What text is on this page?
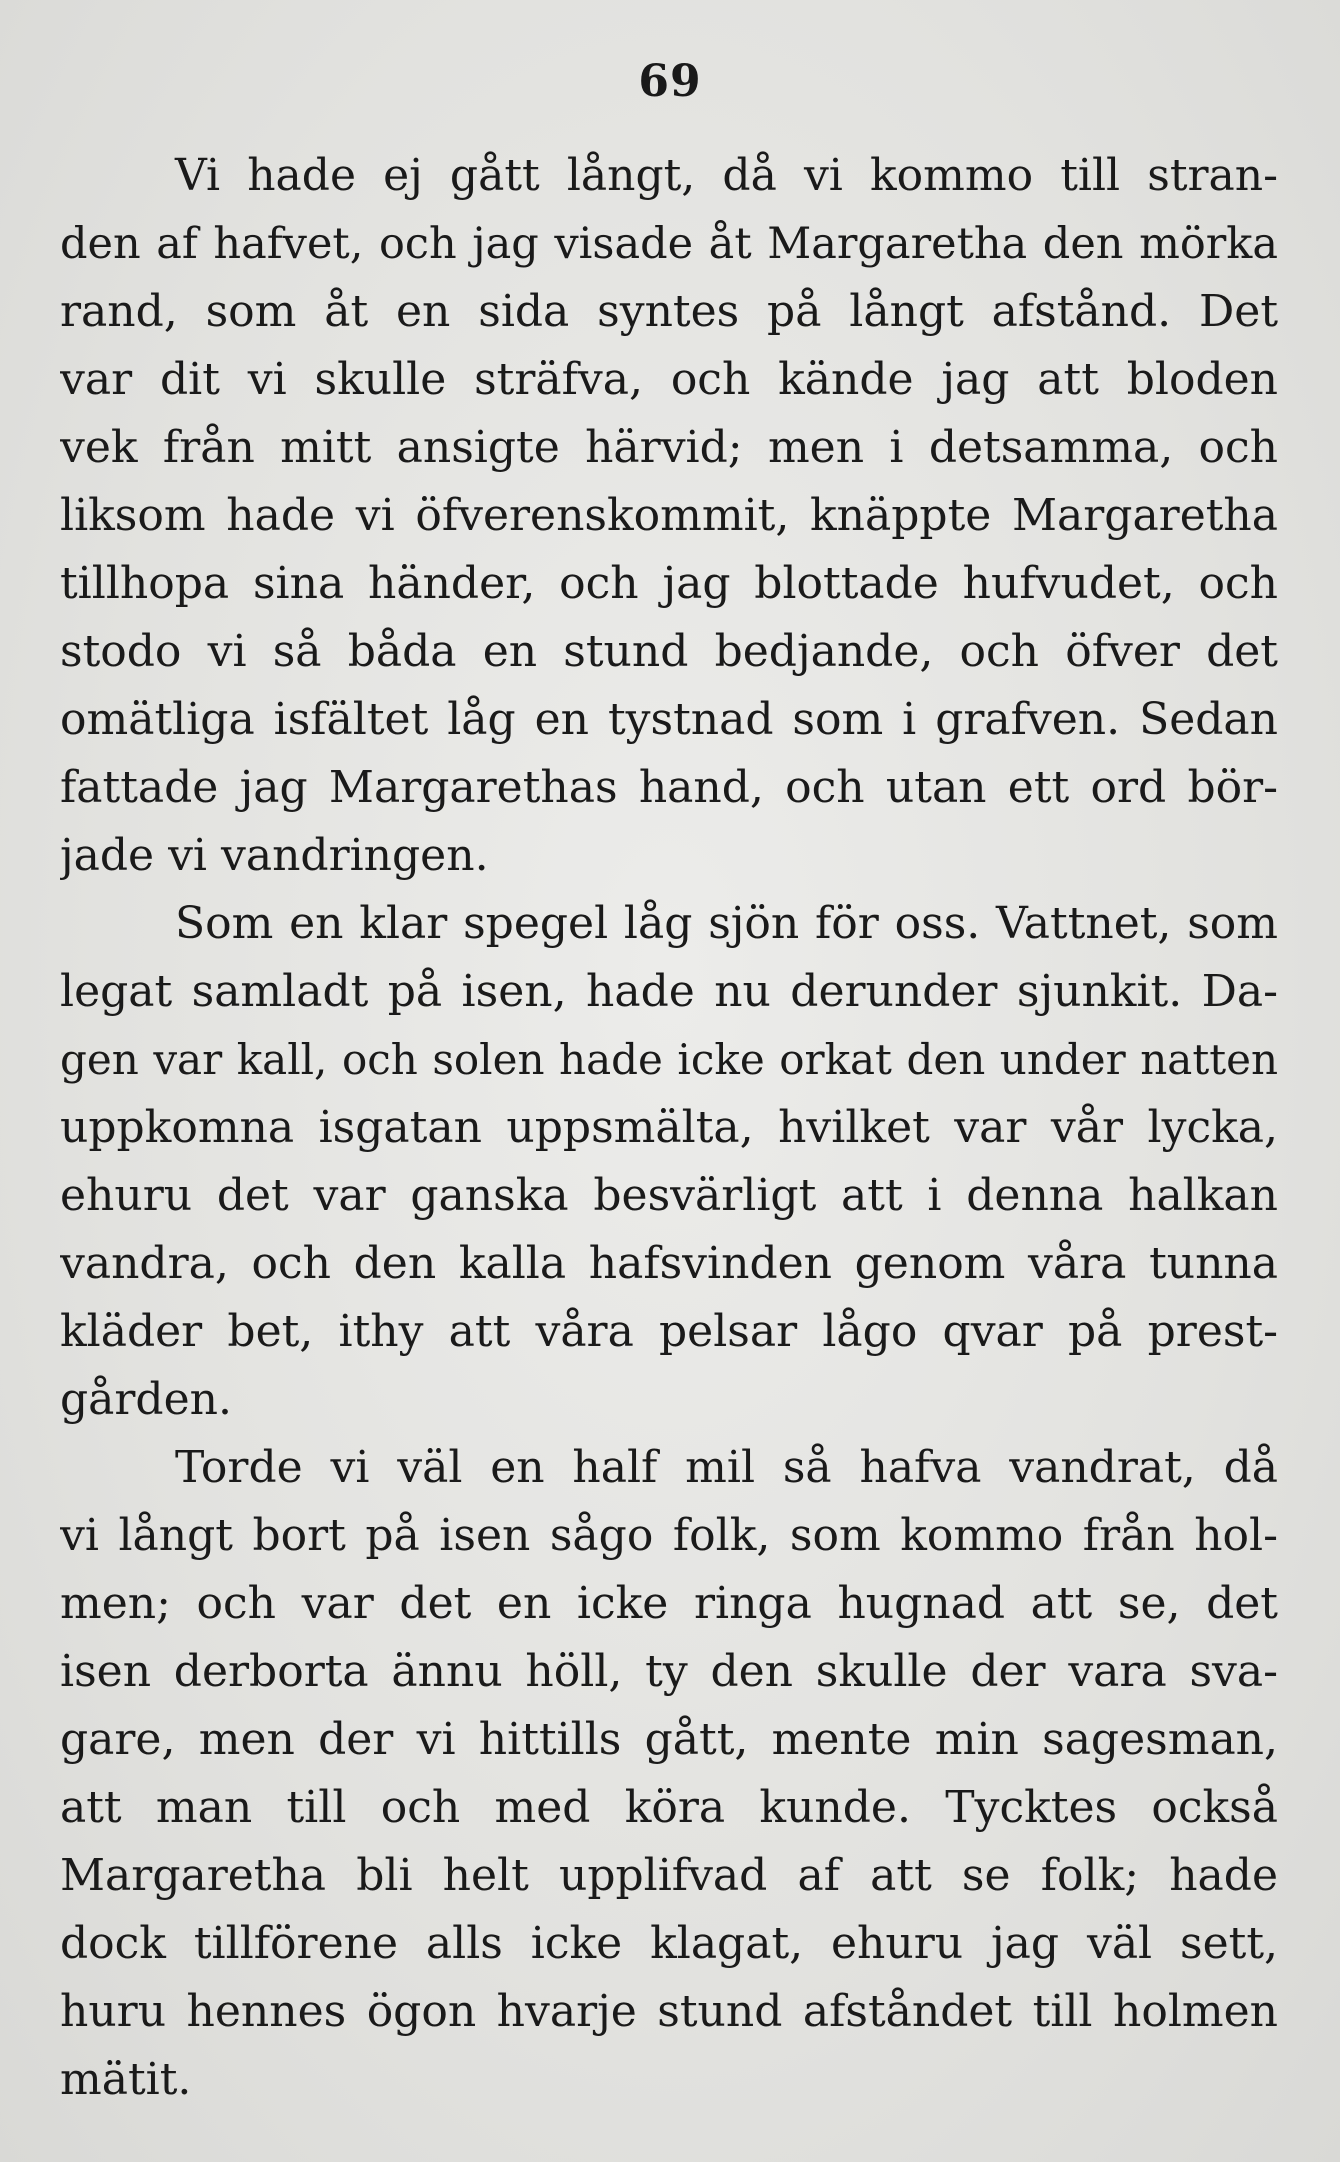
69
Vi hade ej gått långt, då vi kommo till stran-
den af hafvet, och jag visade åt Margaretha den mörka
rand, som åt en sida syntes på långt afstånd. Det
var dit vi skulle sträfva, och kände jag att bloden
vek från mitt ansigte härvid; men i detsamma, och
liksom hade vi öfverenskommit, knäppte Margaretha
tillhopa sina händer, och jag blottade hufvudet, och
stodo vi så båda en stund bedjande, och öfver det
omätliga isfältet låg en tystnad som i grafven. Sedan
fattade jag Margarethas hand, och utan ett ord bör-
jade vi vandringen.
Som en klar spegel låg sjön för oss. Vattnet, som
legat samladt på isen, hade nu derunder sjunkit. Da-
gen var kall, och solen hade icke orkat den under natten
uppkomna isgatan uppsmälta, hvilket var vår lycka,
ehuru det var ganska besvärligt att i denna halkan
vandra, och den kalla hafsvinden genom våra tunna
kläder bet, ithy att våra pelsar lågo qvar på prest-
gården.
Torde vi väl en half mil så hafva vandrat, då
vi långt bort på isen sågo folk, som kommo från hol-
men; och var det en icke ringa hugnad att se, det
isen derborta ännu höll, ty den skulle der vara sva-
gare, men der vi hittills gått, mente min sagesman,
att man till och med köra kunde. Tycktes också
Margaretha bli helt upplifvad af att se folk; hade
dock tillförene alls icke klagat, ehuru jag väl sett,
huru hennes ögon hvarje stund afståndet till holmen
mätit.
